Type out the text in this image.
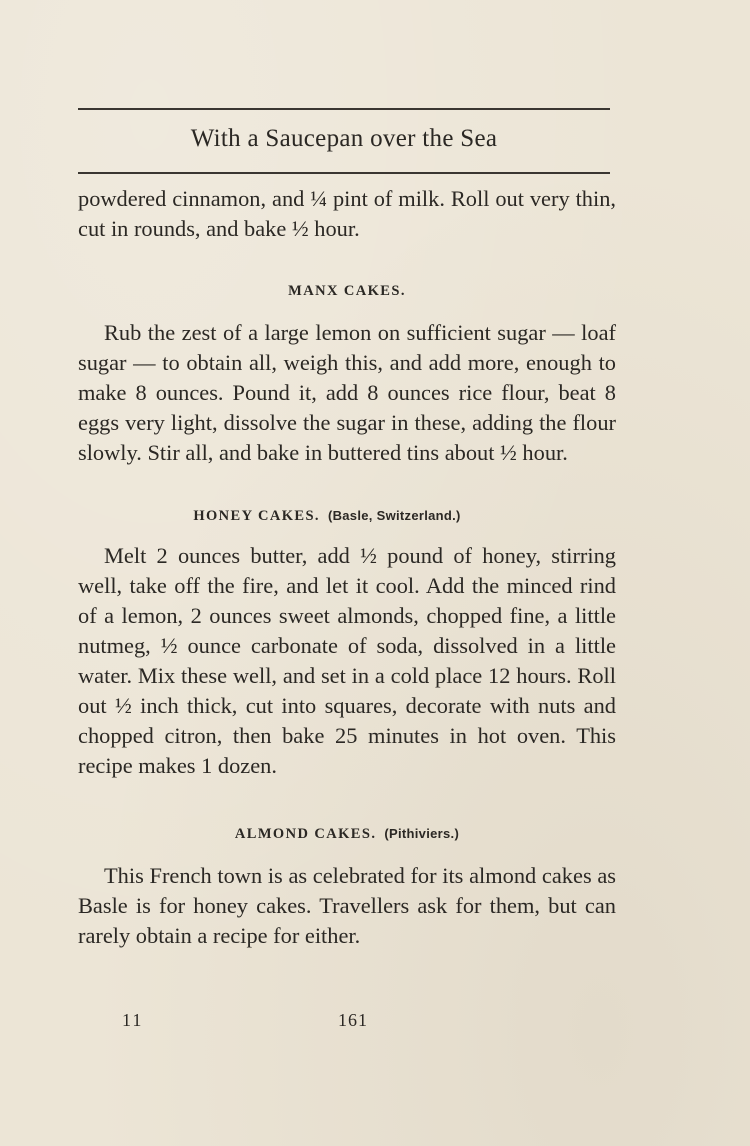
With a Saucepan over the Sea

powdered cinnamon, and ¼ pint of milk. Roll out very thin, cut in rounds, and bake ½ hour.

MANX CAKES.

Rub the zest of a large lemon on sufficient sugar — loaf sugar — to obtain all, weigh this, and add more, enough to make 8 ounces. Pound it, add 8 ounces rice flour, beat 8 eggs very light, dissolve the sugar in these, adding the flour slowly. Stir all, and bake in buttered tins about ½ hour.

HONEY CAKES. (Basle, Switzerland.)

Melt 2 ounces butter, add ½ pound of honey, stirring well, take off the fire, and let it cool. Add the minced rind of a lemon, 2 ounces sweet almonds, chopped fine, a little nutmeg, ½ ounce carbonate of soda, dissolved in a little water. Mix these well, and set in a cold place 12 hours. Roll out ½ inch thick, cut into squares, decorate with nuts and chopped citron, then bake 25 minutes in hot oven. This recipe makes 1 dozen.

ALMOND CAKES. (Pithiviers.)

This French town is as celebrated for its almond cakes as Basle is for honey cakes. Travellers ask for them, but can rarely obtain a recipe for either.

11	161
